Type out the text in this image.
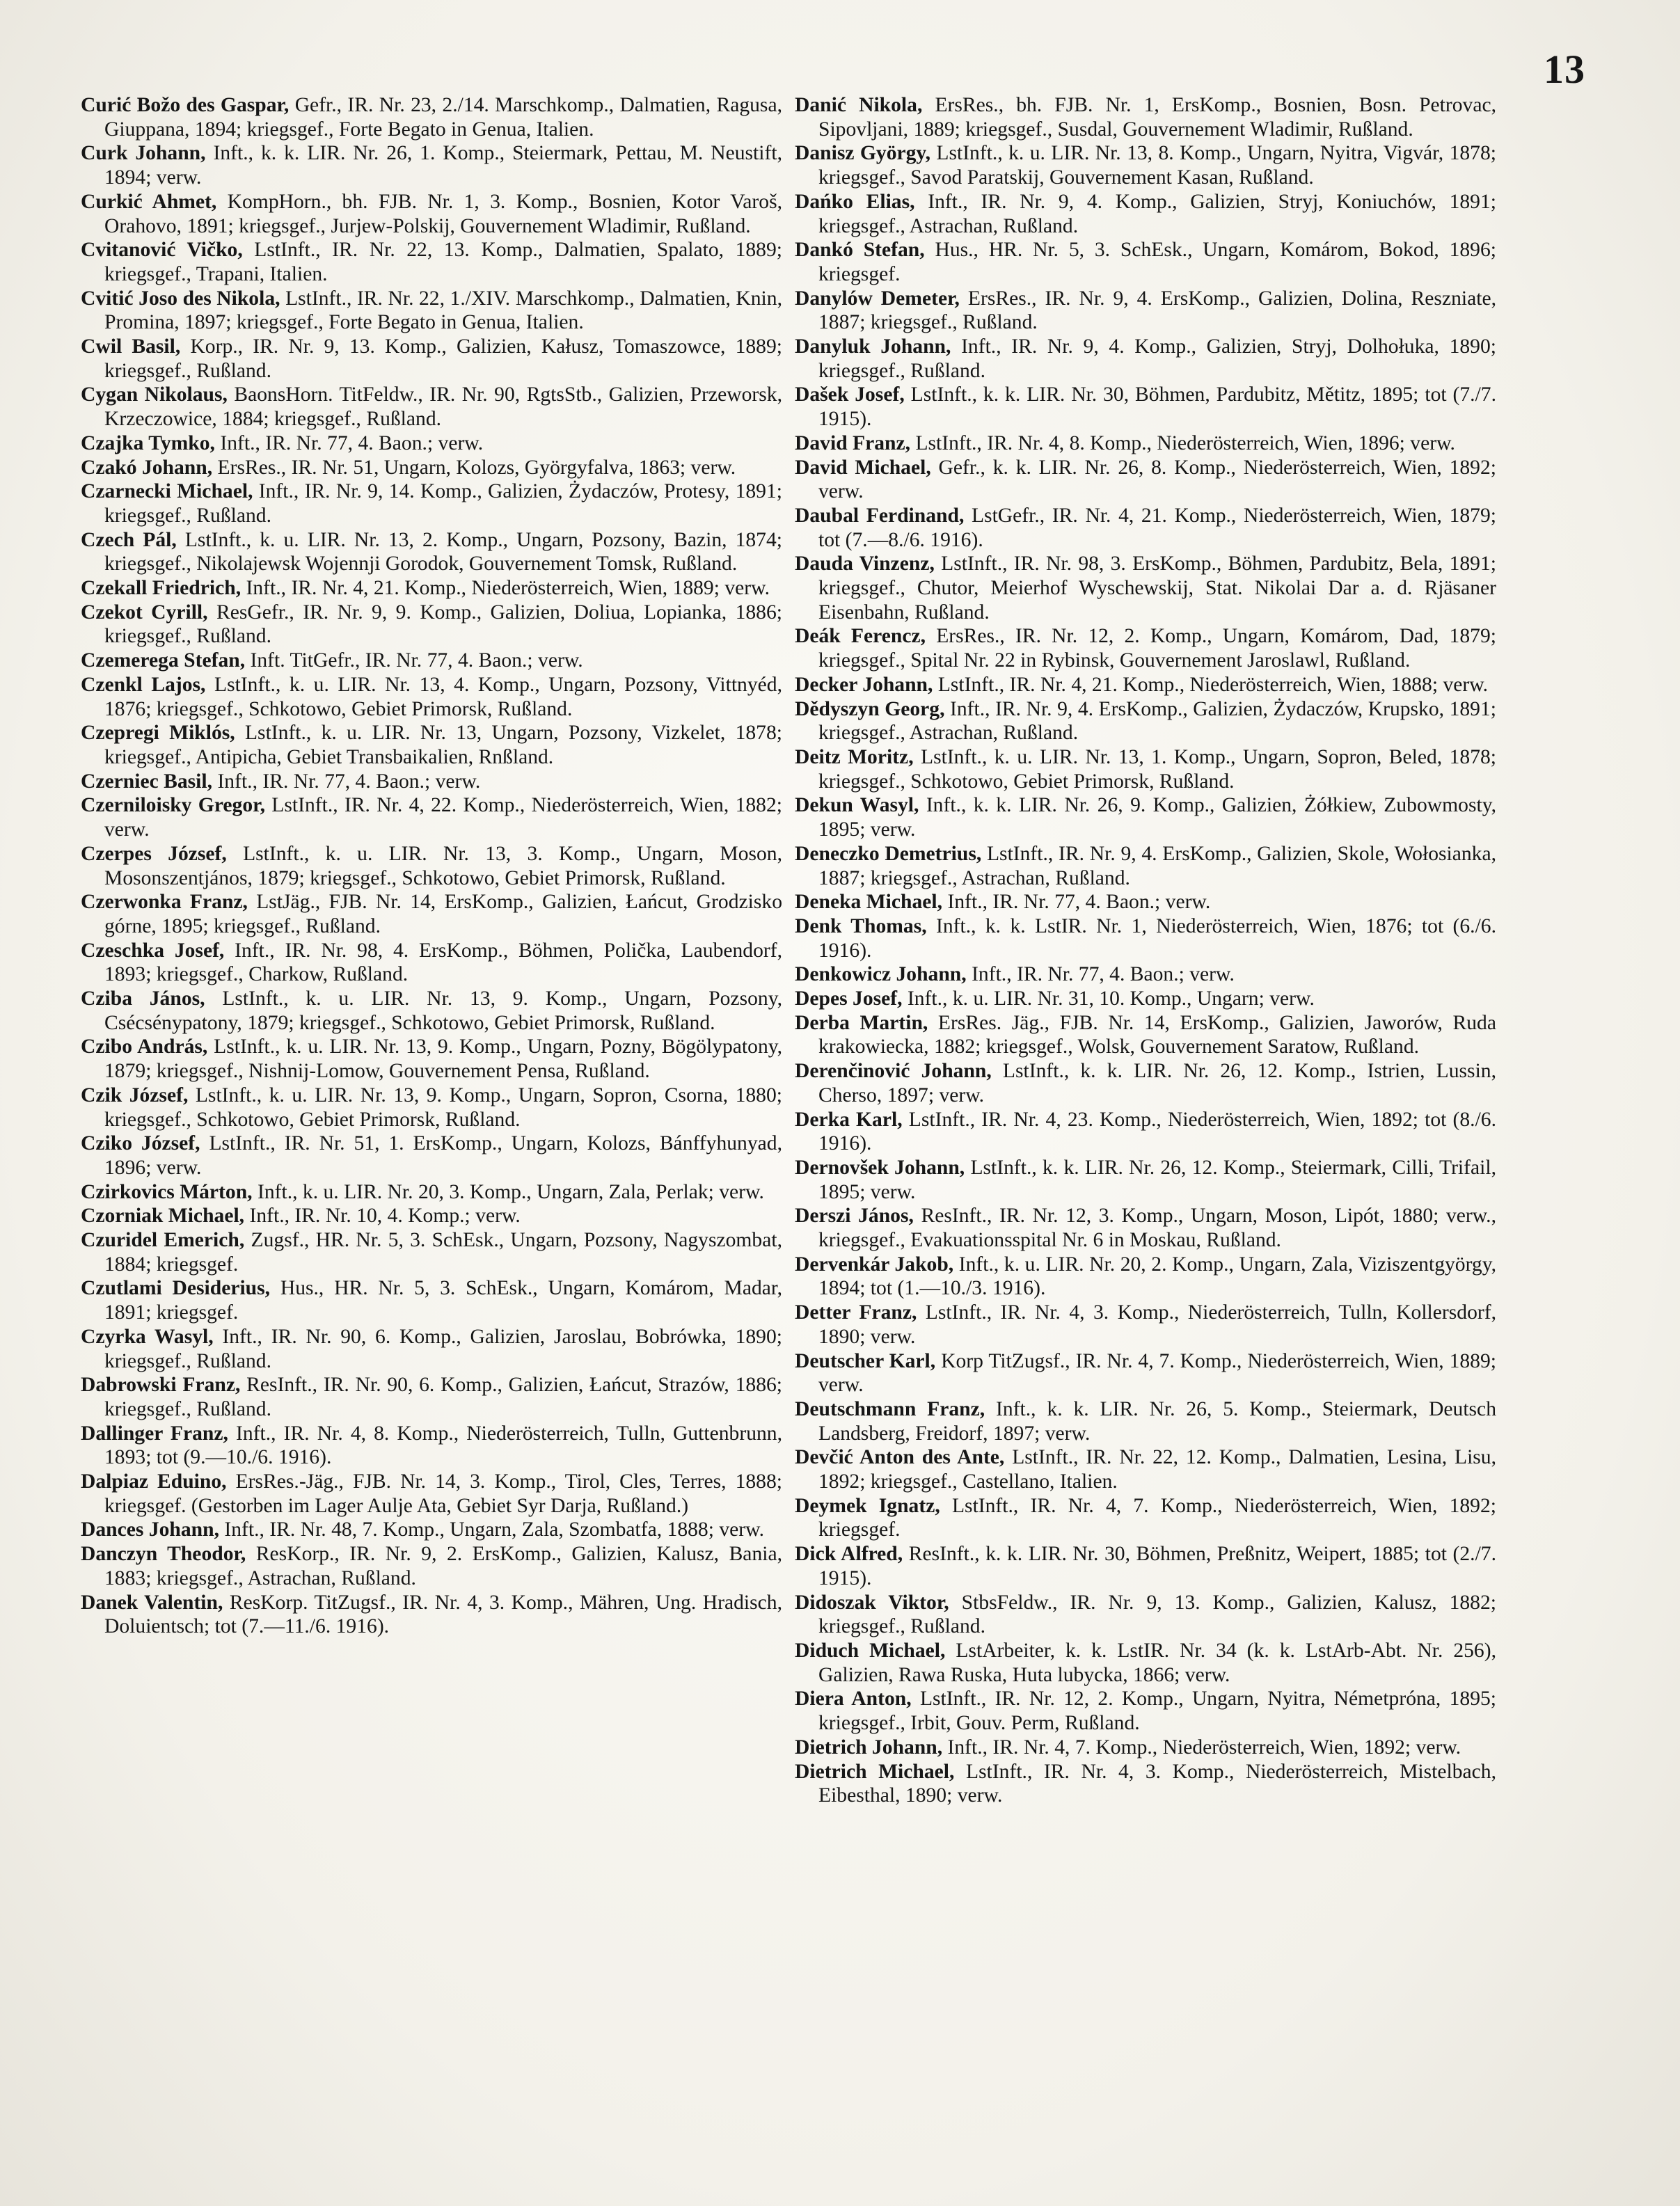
13
Curić Božo des Gaspar, Gefr., IR. Nr. 23, 2./14. Marschkomp., Dalmatien, Ragusa, Giuppana, 1894; kriegsgef., Forte Begato in Genua, Italien.
Curk Johann, Inft., k. k. LIR. Nr. 26, 1. Komp., Steiermark, Pettau, M. Neustift, 1894; verw.
Curkić Ahmet, KompHorn., bh. FJB. Nr. 1, 3. Komp., Bosnien, Kotor Varoš, Orahovo, 1891; kriegsgef., Jurjew-Polskij, Gouvernement Wladimir, Rußland.
Cvitanović Vičko, LstInft., IR. Nr. 22, 13. Komp., Dalmatien, Spalato, 1889; kriegsgef., Trapani, Italien.
Cvitić Joso des Nikola, LstInft., IR. Nr. 22, 1./XIV. Marschkomp., Dalmatien, Knin, Promina, 1897; kriegsgef., Forte Begato in Genua, Italien.
Cwil Basil, Korp., IR. Nr. 9, 13. Komp., Galizien, Kałusz, Tomaszowce, 1889; kriegsgef., Rußland.
Cygan Nikolaus, BaonsHorn. TitFeldw., IR. Nr. 90, RgtsStb., Galizien, Przeworsk, Krzeczowice, 1884; kriegsgef., Rußland.
Czajka Tymko, Inft., IR. Nr. 77, 4. Baon.; verw.
Czakó Johann, ErsRes., IR. Nr. 51, Ungarn, Kolozs, Györgyfalva, 1863; verw.
Czarnecki Michael, Inft., IR. Nr. 9, 14. Komp., Galizien, Żydaczów, Protesy, 1891; kriegsgef., Rußland.
Czech Pál, LstInft., k. u. LIR. Nr. 13, 2. Komp., Ungarn, Pozsony, Bazin, 1874; kriegsgef., Nikolajewsk Wojennji Gorodok, Gouvernement Tomsk, Rußland.
Czekall Friedrich, Inft., IR. Nr. 4, 21. Komp., Niederösterreich, Wien, 1889; verw.
Czekot Cyrill, ResGefr., IR. Nr. 9, 9. Komp., Galizien, Doliua, Lopianka, 1886; kriegsgef., Rußland.
Czemerega Stefan, Inft. TitGefr., IR. Nr. 77, 4. Baon.; verw.
Czenkl Lajos, LstInft., k. u. LIR. Nr. 13, 4. Komp., Ungarn, Pozsony, Vittnyéd, 1876; kriegsgef., Schkotowo, Gebiet Primorsk, Rußland.
Czepregi Miklós, LstInft., k. u. LIR. Nr. 13, Ungarn, Pozsony, Vizkelet, 1878; kriegsgef., Antipicha, Gebiet Transbaikalien, Rnßland.
Czerniec Basil, Inft., IR. Nr. 77, 4. Baon.; verw.
Czerniloisky Gregor, LstInft., IR. Nr. 4, 22. Komp., Niederösterreich, Wien, 1882; verw.
Czerpes József, LstInft., k. u. LIR. Nr. 13, 3. Komp., Ungarn, Moson, Mosonszentjános, 1879; kriegsgef., Schkotowo, Gebiet Primorsk, Rußland.
Czerwonka Franz, LstJäg., FJB. Nr. 14, ErsKomp., Galizien, Łańcut, Grodzisko górne, 1895; kriegsgef., Rußland.
Czeschka Josef, Inft., IR. Nr. 98, 4. ErsKomp., Böhmen, Polička, Laubendorf, 1893; kriegsgef., Charkow, Rußland.
Cziba János, LstInft., k. u. LIR. Nr. 13, 9. Komp., Ungarn, Pozsony, Csécsénypatony, 1879; kriegsgef., Schkotowo, Gebiet Primorsk, Rußland.
Czibo András, LstInft., k. u. LIR. Nr. 13, 9. Komp., Ungarn, Pozny, Bögölypatony, 1879; kriegsgef., Nishnij-Lomow, Gouvernement Pensa, Rußland.
Czik József, LstInft., k. u. LIR. Nr. 13, 9. Komp., Ungarn, Sopron, Csorna, 1880; kriegsgef., Schkotowo, Gebiet Primorsk, Rußland.
Cziko József, LstInft., IR. Nr. 51, 1. ErsKomp., Ungarn, Kolozs, Bánffyhunyad, 1896; verw.
Czirkovics Márton, Inft., k. u. LIR. Nr. 20, 3. Komp., Ungarn, Zala, Perlak; verw.
Czorniak Michael, Inft., IR. Nr. 10, 4. Komp.; verw.
Czuridel Emerich, Zugsf., HR. Nr. 5, 3. SchEsk., Ungarn, Pozsony, Nagyszombat, 1884; kriegsgef.
Czutlami Desiderius, Hus., HR. Nr. 5, 3. SchEsk., Ungarn, Komárom, Madar, 1891; kriegsgef.
Czyrka Wasyl, Inft., IR. Nr. 90, 6. Komp., Galizien, Jaroslau, Bobrówka, 1890; kriegsgef., Rußland.
Dabrowski Franz, ResInft., IR. Nr. 90, 6. Komp., Galizien, Łańcut, Strazów, 1886; kriegsgef., Rußland.
Dallinger Franz, Inft., IR. Nr. 4, 8. Komp., Niederösterreich, Tulln, Guttenbrunn, 1893; tot (9.—10./6. 1916).
Dalpiaz Eduino, ErsRes.-Jäg., FJB. Nr. 14, 3. Komp., Tirol, Cles, Terres, 1888; kriegsgef. (Gestorben im Lager Aulje Ata, Gebiet Syr Darja, Rußland.)
Dances Johann, Inft., IR. Nr. 48, 7. Komp., Ungarn, Zala, Szombatfa, 1888; verw.
Danczyn Theodor, ResKorp., IR. Nr. 9, 2. ErsKomp., Galizien, Kalusz, Bania, 1883; kriegsgef., Astrachan, Rußland.
Danek Valentin, ResKorp. TitZugsf., IR. Nr. 4, 3. Komp., Mähren, Ung. Hradisch, Doluientsch; tot (7.—11./6. 1916).
Danić Nikola, ErsRes., bh. FJB. Nr. 1, ErsKomp., Bosnien, Bosn. Petrovac, Sipovljani, 1889; kriegsgef., Susdal, Gouvernement Wladimir, Rußland.
Danisz György, LstInft., k. u. LIR. Nr. 13, 8. Komp., Ungarn, Nyitra, Vigvár, 1878; kriegsgef., Savod Paratskij, Gouvernement Kasan, Rußland.
Dańko Elias, Inft., IR. Nr. 9, 4. Komp., Galizien, Stryj, Koniuchów, 1891; kriegsgef., Astrachan, Rußland.
Dankó Stefan, Hus., HR. Nr. 5, 3. SchEsk., Ungarn, Komárom, Bokod, 1896; kriegsgef.
Danylów Demeter, ErsRes., IR. Nr. 9, 4. ErsKomp., Galizien, Dolina, Reszniate, 1887; kriegsgef., Rußland.
Danyluk Johann, Inft., IR. Nr. 9, 4. Komp., Galizien, Stryj, Dolhołuka, 1890; kriegsgef., Rußland.
Dašek Josef, LstInft., k. k. LIR. Nr. 30, Böhmen, Pardubitz, Mětitz, 1895; tot (7./7. 1915).
David Franz, LstInft., IR. Nr. 4, 8. Komp., Niederösterreich, Wien, 1896; verw.
David Michael, Gefr., k. k. LIR. Nr. 26, 8. Komp., Niederösterreich, Wien, 1892; verw.
Daubal Ferdinand, LstGefr., IR. Nr. 4, 21. Komp., Niederösterreich, Wien, 1879; tot (7.—8./6. 1916).
Dauda Vinzenz, LstInft., IR. Nr. 98, 3. ErsKomp., Böhmen, Pardubitz, Bela, 1891; kriegsgef., Chutor, Meierhof Wyschewskij, Stat. Nikolai Dar a. d. Rjäsaner Eisenbahn, Rußland.
Deák Ferencz, ErsRes., IR. Nr. 12, 2. Komp., Ungarn, Komárom, Dad, 1879; kriegsgef., Spital Nr. 22 in Rybinsk, Gouvernement Jaroslawl, Rußland.
Decker Johann, LstInft., IR. Nr. 4, 21. Komp., Niederösterreich, Wien, 1888; verw.
Dědyszyn Georg, Inft., IR. Nr. 9, 4. ErsKomp., Galizien, Żydaczów, Krupsko, 1891; kriegsgef., Astrachan, Rußland.
Deitz Moritz, LstInft., k. u. LIR. Nr. 13, 1. Komp., Ungarn, Sopron, Beled, 1878; kriegsgef., Schkotowo, Gebiet Primorsk, Rußland.
Dekun Wasyl, Inft., k. k. LIR. Nr. 26, 9. Komp., Galizien, Żółkiew, Zubowmosty, 1895; verw.
Deneczko Demetrius, LstInft., IR. Nr. 9, 4. ErsKomp., Galizien, Skole, Wołosianka, 1887; kriegsgef., Astrachan, Rußland.
Deneka Michael, Inft., IR. Nr. 77, 4. Baon.; verw.
Denk Thomas, Inft., k. k. LstIR. Nr. 1, Niederösterreich, Wien, 1876; tot (6./6. 1916).
Denkowicz Johann, Inft., IR. Nr. 77, 4. Baon.; verw.
Depes Josef, Inft., k. u. LIR. Nr. 31, 10. Komp., Ungarn; verw.
Derba Martin, ErsRes. Jäg., FJB. Nr. 14, ErsKomp., Galizien, Jaworów, Ruda krakowiecka, 1882; kriegsgef., Wolsk, Gouvernement Saratow, Rußland.
Derenčinović Johann, LstInft., k. k. LIR. Nr. 26, 12. Komp., Istrien, Lussin, Cherso, 1897; verw.
Derka Karl, LstInft., IR. Nr. 4, 23. Komp., Niederösterreich, Wien, 1892; tot (8./6. 1916).
Dernovšek Johann, LstInft., k. k. LIR. Nr. 26, 12. Komp., Steiermark, Cilli, Trifail, 1895; verw.
Derszi János, ResInft., IR. Nr. 12, 3. Komp., Ungarn, Moson, Lipót, 1880; verw., kriegsgef., Evakuationsspital Nr. 6 in Moskau, Rußland.
Dervenkár Jakob, Inft., k. u. LIR. Nr. 20, 2. Komp., Ungarn, Zala, Viziszentgyörgy, 1894; tot (1.—10./3. 1916).
Detter Franz, LstInft., IR. Nr. 4, 3. Komp., Niederösterreich, Tulln, Kollersdorf, 1890; verw.
Deutscher Karl, Korp TitZugsf., IR. Nr. 4, 7. Komp., Niederösterreich, Wien, 1889; verw.
Deutschmann Franz, Inft., k. k. LIR. Nr. 26, 5. Komp., Steiermark, Deutsch Landsberg, Freidorf, 1897; verw.
Devčić Anton des Ante, LstInft., IR. Nr. 22, 12. Komp., Dalmatien, Lesina, Lisu, 1892; kriegsgef., Castellano, Italien.
Deymek Ignatz, LstInft., IR. Nr. 4, 7. Komp., Niederösterreich, Wien, 1892; kriegsgef.
Dick Alfred, ResInft., k. k. LIR. Nr. 30, Böhmen, Preßnitz, Weipert, 1885; tot (2./7. 1915).
Didoszak Viktor, StbsFeldw., IR. Nr. 9, 13. Komp., Galizien, Kalusz, 1882; kriegsgef., Rußland.
Diduch Michael, LstArbeiter, k. k. LstIR. Nr. 34 (k. k. LstArb-Abt. Nr. 256), Galizien, Rawa Ruska, Huta lubycka, 1866; verw.
Diera Anton, LstInft., IR. Nr. 12, 2. Komp., Ungarn, Nyitra, Németpróna, 1895; kriegsgef., Irbit, Gouv. Perm, Rußland.
Dietrich Johann, Inft., IR. Nr. 4, 7. Komp., Niederösterreich, Wien, 1892; verw.
Dietrich Michael, LstInft., IR. Nr. 4, 3. Komp., Niederösterreich, Mistelbach, Eibesthal, 1890; verw.
